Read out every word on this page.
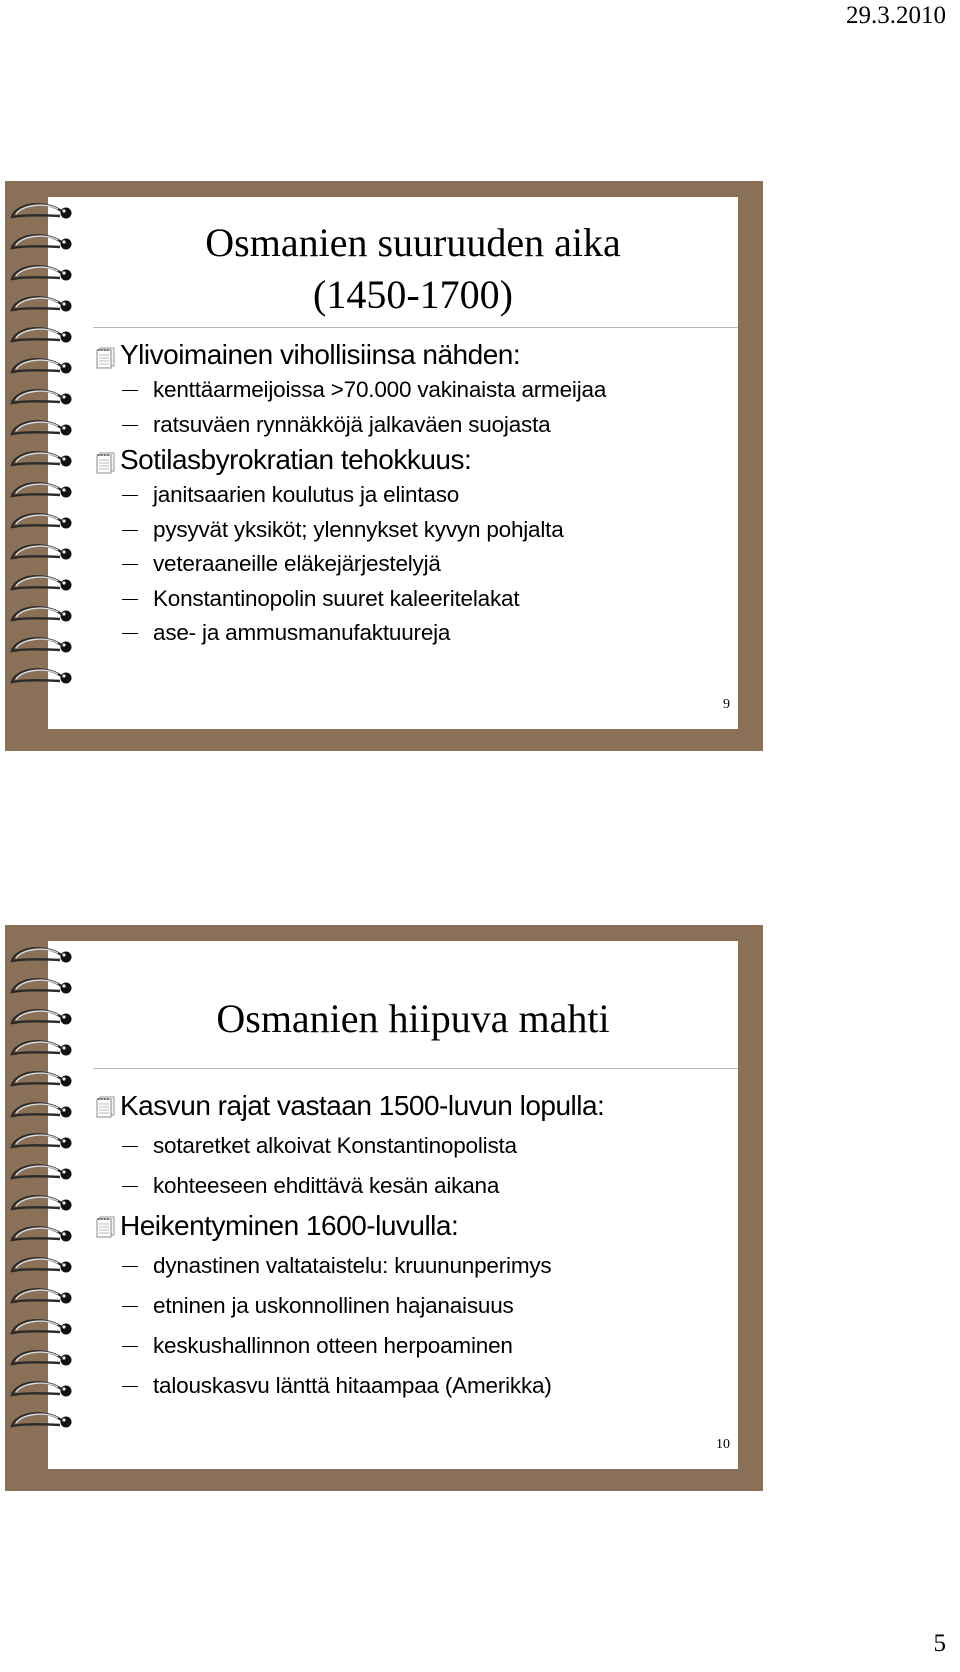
29.3.2010
Osmanien suuruuden aika
(1450-1700)
Ylivoimainen vihollisiinsa nähden:
kenttäarmeijoissa >70.000 vakinaista armeijaa
ratsuväen rynnäkköjä jalkaväen suojasta
Sotilasbyrokratian tehokkuus:
janitsaarien koulutus ja elintaso
pysyvät yksiköt; ylennykset kyvyn pohjalta
veteraaneille eläkejärjestelyjä
Konstantinopolin suuret kaleeritelakat
ase- ja ammusmanufaktuureja
9
Osmanien hiipuva mahti
Kasvun rajat vastaan 1500-luvun lopulla:
sotaretket alkoivat Konstantinopolista
kohteeseen ehdittävä kesän aikana
Heikentyminen 1600-luvulla:
dynastinen valtataistelu: kruununperimys
etninen ja uskonnollinen hajanaisuus
keskushallinnon otteen herpoaminen
talouskasvu länttä hitaampaa (Amerikka)
10
5
